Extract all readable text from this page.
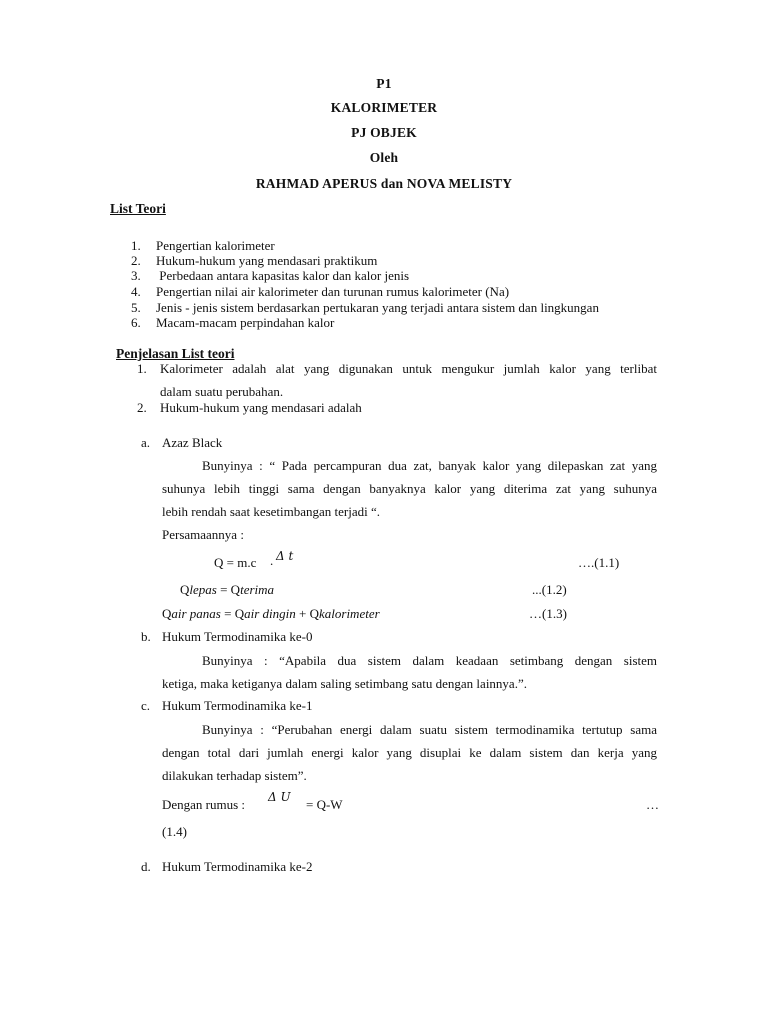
P1
KALORIMETER
PJ OBJEK
Oleh
RAHMAD APERUS dan NOVA MELISTY
List Teori
1. Pengertian kalorimeter
2. Hukum-hukum yang mendasari praktikum
3. Perbedaan antara kapasitas kalor dan kalor jenis
4. Pengertian nilai air kalorimeter dan turunan rumus kalorimeter (Na)
5. Jenis - jenis sistem berdasarkan pertukaran yang terjadi antara sistem dan lingkungan
6. Macam-macam perpindahan kalor
Penjelasan List teori
1. Kalorimeter adalah alat yang digunakan untuk mengukur jumlah kalor yang terlibat
dalam suatu perubahan.
2. Hukum-hukum yang mendasari adalah
a. Azaz Black
Bunyinya : “ Pada percampuran dua zat, banyak kalor yang dilepaskan zat yang
suhunya lebih tinggi sama dengan banyaknya kalor yang diterima zat yang suhunya
lebih rendah saat kesetimbangan terjadi “.
Persamaannya :
Q = m.c . Δ t	….(1.1)
Qlepas = Qterima	...(1.2)
Qair panas = Qair dingin + Qkalorimeter	…(1.3)
b. Hukum Termodinamika ke-0
Bunyinya : “Apabila dua sistem dalam keadaan setimbang dengan sistem
ketiga, maka ketiganya dalam saling setimbang satu dengan lainnya.”.
c. Hukum Termodinamika ke-1
Bunyinya : “Perubahan energi dalam suatu sistem termodinamika tertutup sama
dengan total dari jumlah energi kalor yang disuplai ke dalam sistem dan kerja yang
dilakukan terhadap sistem”.
Dengan rumus : Δ U = Q-W	…
(1.4)
d. Hukum Termodinamika ke-2
